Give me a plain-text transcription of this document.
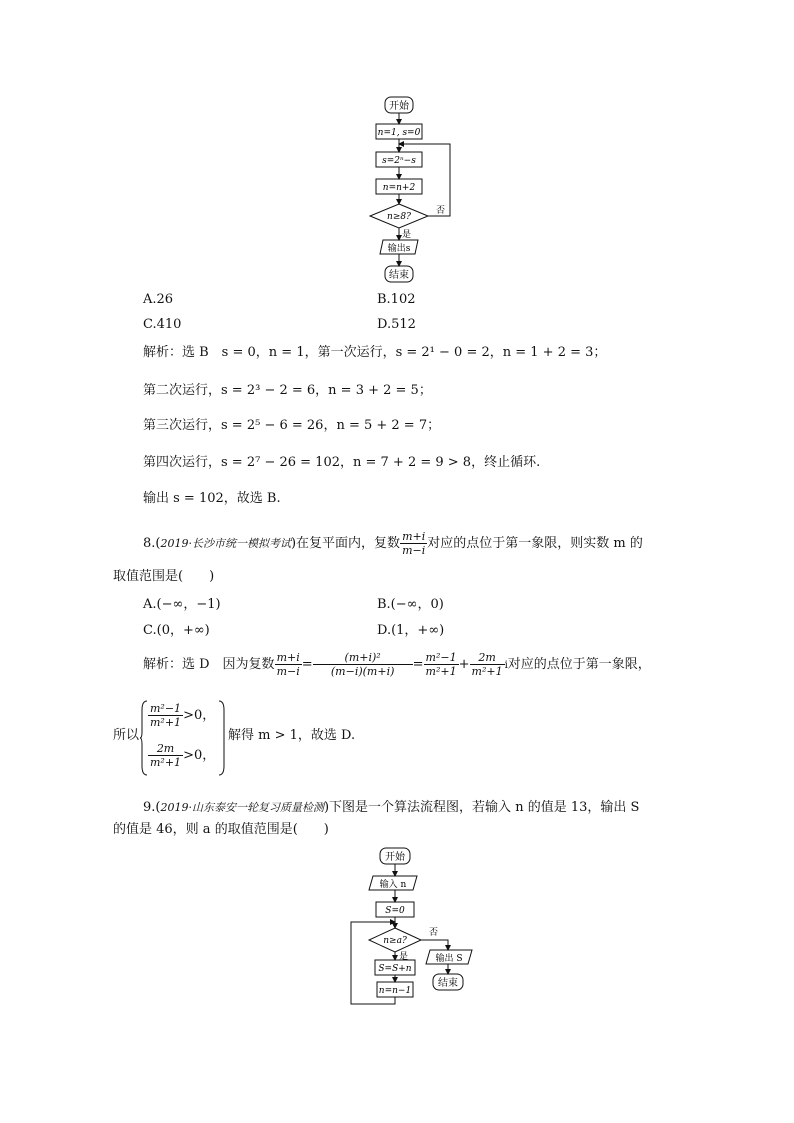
开始
n=1, s=0
s=2ⁿ−s
n=n+2
n≥8?
否
是
输出s
结束
A.26	B.102
C.410	D.512
解析：选 B　s = 0，n = 1，第一次运行，s = 2¹ − 0 = 2，n = 1 + 2 = 3；
第二次运行，s = 2³ − 2 = 6，n = 3 + 2 = 5；
第三次运行，s = 2⁵ − 6 = 26，n = 5 + 2 = 7；
第四次运行，s = 2⁷ − 26 = 102，n = 7 + 2 = 9 > 8，终止循环.
输出 s = 102，故选 B.
8.(2019·长沙市统一模拟考试)在复平面内，复数 $\frac{m+i}{m-i}$ 对应的点位于第一象限，则实数 m 的
取值范围是(　　)
A.(−∞，−1)	B.(−∞，0)
C.(0，+∞)	D.(1，+∞)
解析：选 D　因为复数 $\frac{m+i}{m-i} = \frac{\text{(m+i)²}}{(m-i)(m+i)} = \frac{\text{m²−1}}{\text{m²+1}} + \frac{2m}{\text{m²+1}}$ i对应的点位于第一象限，
所以
$\frac{\text{m²−1}}{\text{m²+1}} >0$，
$\frac{2m}{\text{m²+1}} >0$，
解得 m > 1，故选 D.
9.(2019·山东泰安一轮复习质量检测)下图是一个算法流程图，若输入 n 的值是 13，输出 S
的值是 46，则 a 的取值范围是(　　)
开始
输入 n
S=0
n≥a?
否
是
S=S+n
n=n−1
输出 S
结束
